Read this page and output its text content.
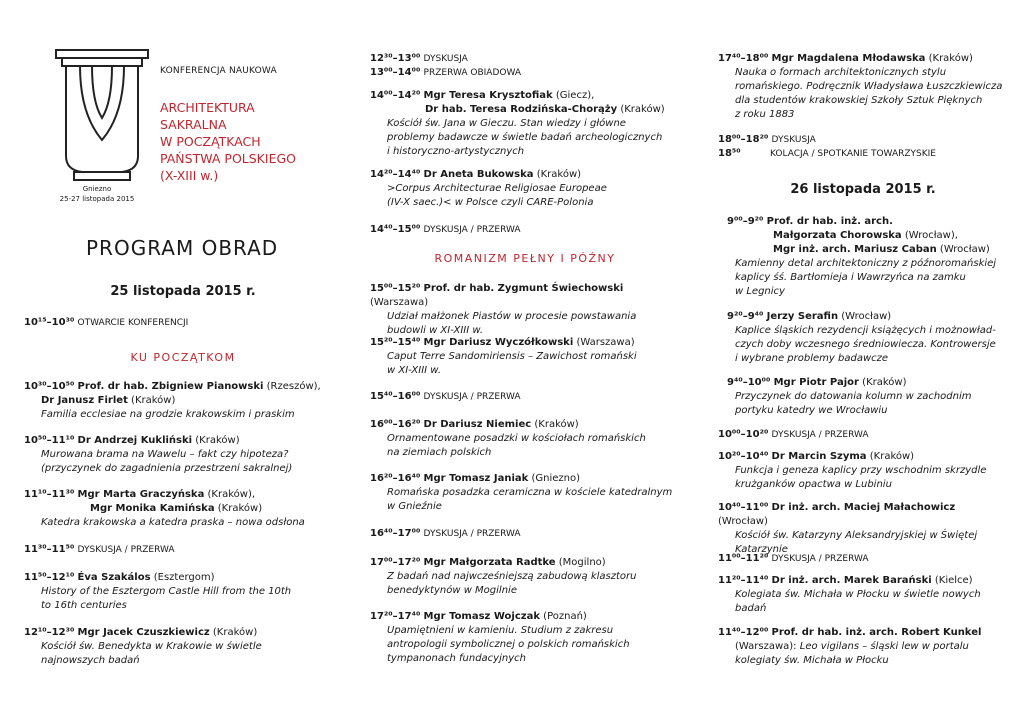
KONFERENCJA NAUKOWA
ARCHITEKTURA
SAKRALNA
W POCZĄTKACH
PAŃSTWA POLSKIEGO
(X-XIII w.)
Gniezno
25-27 listopada 2015
PROGRAM OBRAD
25 listopada 2015 r.
10¹⁵–10³⁰ OTWARCIE KONFERENCJI
KU POCZĄTKOM
10³⁰–10⁵⁰ Prof. dr hab. Zbigniew Pianowski (Rzeszów),
Dr Janusz Firlet (Kraków)
Familia ecclesiae na grodzie krakowskim i praskim
10⁵⁰–11¹⁰ Dr Andrzej Kukliński (Kraków)
Murowana brama na Wawelu – fakt czy hipoteza?
(przyczynek do zagadnienia przestrzeni sakralnej)
11¹⁰–11³⁰ Mgr Marta Graczyńska (Kraków),
Mgr Monika Kamińska (Kraków)
Katedra krakowska a katedra praska – nowa odsłona
11³⁰–11⁵⁰ DYSKUSJA / PRZERWA
11⁵⁰–12¹⁰ Éva Szakálos (Esztergom)
History of the Esztergom Castle Hill from the 10th
to 16th centuries
12¹⁰–12³⁰ Mgr Jacek Czuszkiewicz (Kraków)
Kościół św. Benedykta w Krakowie w świetle
najnowszych badań
12³⁰–13⁰⁰ DYSKUSJA
13⁰⁰–14⁰⁰ PRZERWA OBIADOWA
14⁰⁰–14²⁰ Mgr Teresa Krysztofiak (Giecz),
Dr hab. Teresa Rodzińska-Chorąży (Kraków)
Kościół św. Jana w Gieczu. Stan wiedzy i główne
problemy badawcze w świetle badań archeologicznych
i historyczno-artystycznych
14²⁰–14⁴⁰ Dr Aneta Bukowska (Kraków)
>Corpus Architecturae Religiosae Europeae
(IV-X saec.)< w Polsce czyli CARE-Polonia
14⁴⁰–15⁰⁰ DYSKUSJA / PRZERWA
ROMANIZM PEŁNY I PÓŹNY
15⁰⁰–15²⁰ Prof. dr hab. Zygmunt Świechowski (Warszawa)
Udział małżonek Piastów w procesie powstawania
budowli w XI-XIII w.
15²⁰–15⁴⁰ Mgr Dariusz Wyczółkowski (Warszawa)
Caput Terre Sandomiriensis – Zawichost romański
w XI-XIII w.
15⁴⁰–16⁰⁰ DYSKUSJA / PRZERWA
16⁰⁰–16²⁰ Dr Dariusz Niemiec (Kraków)
Ornamentowane posadzki w kościołach romańskich
na ziemiach polskich
16²⁰–16⁴⁰ Mgr Tomasz Janiak (Gniezno)
Romańska posadzka ceramiczna w kościele katedralnym
w Gnieźnie
16⁴⁰–17⁰⁰ DYSKUSJA / PRZERWA
17⁰⁰–17²⁰ Mgr Małgorzata Radtke (Mogilno)
Z badań nad najwcześniejszą zabudową klasztoru
benedyktynów w Mogilnie
17²⁰–17⁴⁰ Mgr Tomasz Wojczak (Poznań)
Upamiętnieni w kamieniu. Studium z zakresu
antropologii symbolicznej o polskich romańskich
tympanonach fundacyjnych
17⁴⁰–18⁰⁰ Mgr Magdalena Młodawska (Kraków)
Nauka o formach architektonicznych stylu
romańskiego. Podręcznik Władysława Łuszczkiewicza
dla studentów krakowskiej Szkoły Sztuk Pięknych
z roku 1883
18⁰⁰–18²⁰ DYSKUSJA
18⁵⁰	KOLACJA / SPOTKANIE TOWARZYSKIE
26 listopada 2015 r.
9⁰⁰–9²⁰ Prof. dr hab. inż. arch.
Małgorzata Chorowska (Wrocław),
Mgr inż. arch. Mariusz Caban (Wrocław)
Kamienny detal architektoniczny z późnoromańskiej
kaplicy śś. Bartłomieja i Wawrzyńca na zamku
w Legnicy
9²⁰–9⁴⁰ Jerzy Serafin (Wrocław)
Kaplice śląskich rezydencji książęcych i możnowład-
czych doby wczesnego średniowiecza. Kontrowersje
i wybrane problemy badawcze
9⁴⁰–10⁰⁰ Mgr Piotr Pajor (Kraków)
Przyczynek do datowania kolumn w zachodnim
portyku katedry we Wrocławiu
10⁰⁰–10²⁰ DYSKUSJA / PRZERWA
10²⁰–10⁴⁰ Dr Marcin Szyma (Kraków)
Funkcja i geneza kaplicy przy wschodnim skrzydle
krużganków opactwa w Lubiniu
10⁴⁰–11⁰⁰ Dr inż. arch. Maciej Małachowicz (Wrocław)
Kościół św. Katarzyny Aleksandryjskiej w Świętej
Katarzynie
11⁰⁰–11²⁰ DYSKUSJA / PRZERWA
11²⁰–11⁴⁰ Dr inż. arch. Marek Barański (Kielce)
Kolegiata św. Michała w Płocku w świetle nowych
badań
11⁴⁰–12⁰⁰ Prof. dr hab. inż. arch. Robert Kunkel
(Warszawa): Leo vigilans – śląski lew w portalu
kolegiaty św. Michała w Płocku
